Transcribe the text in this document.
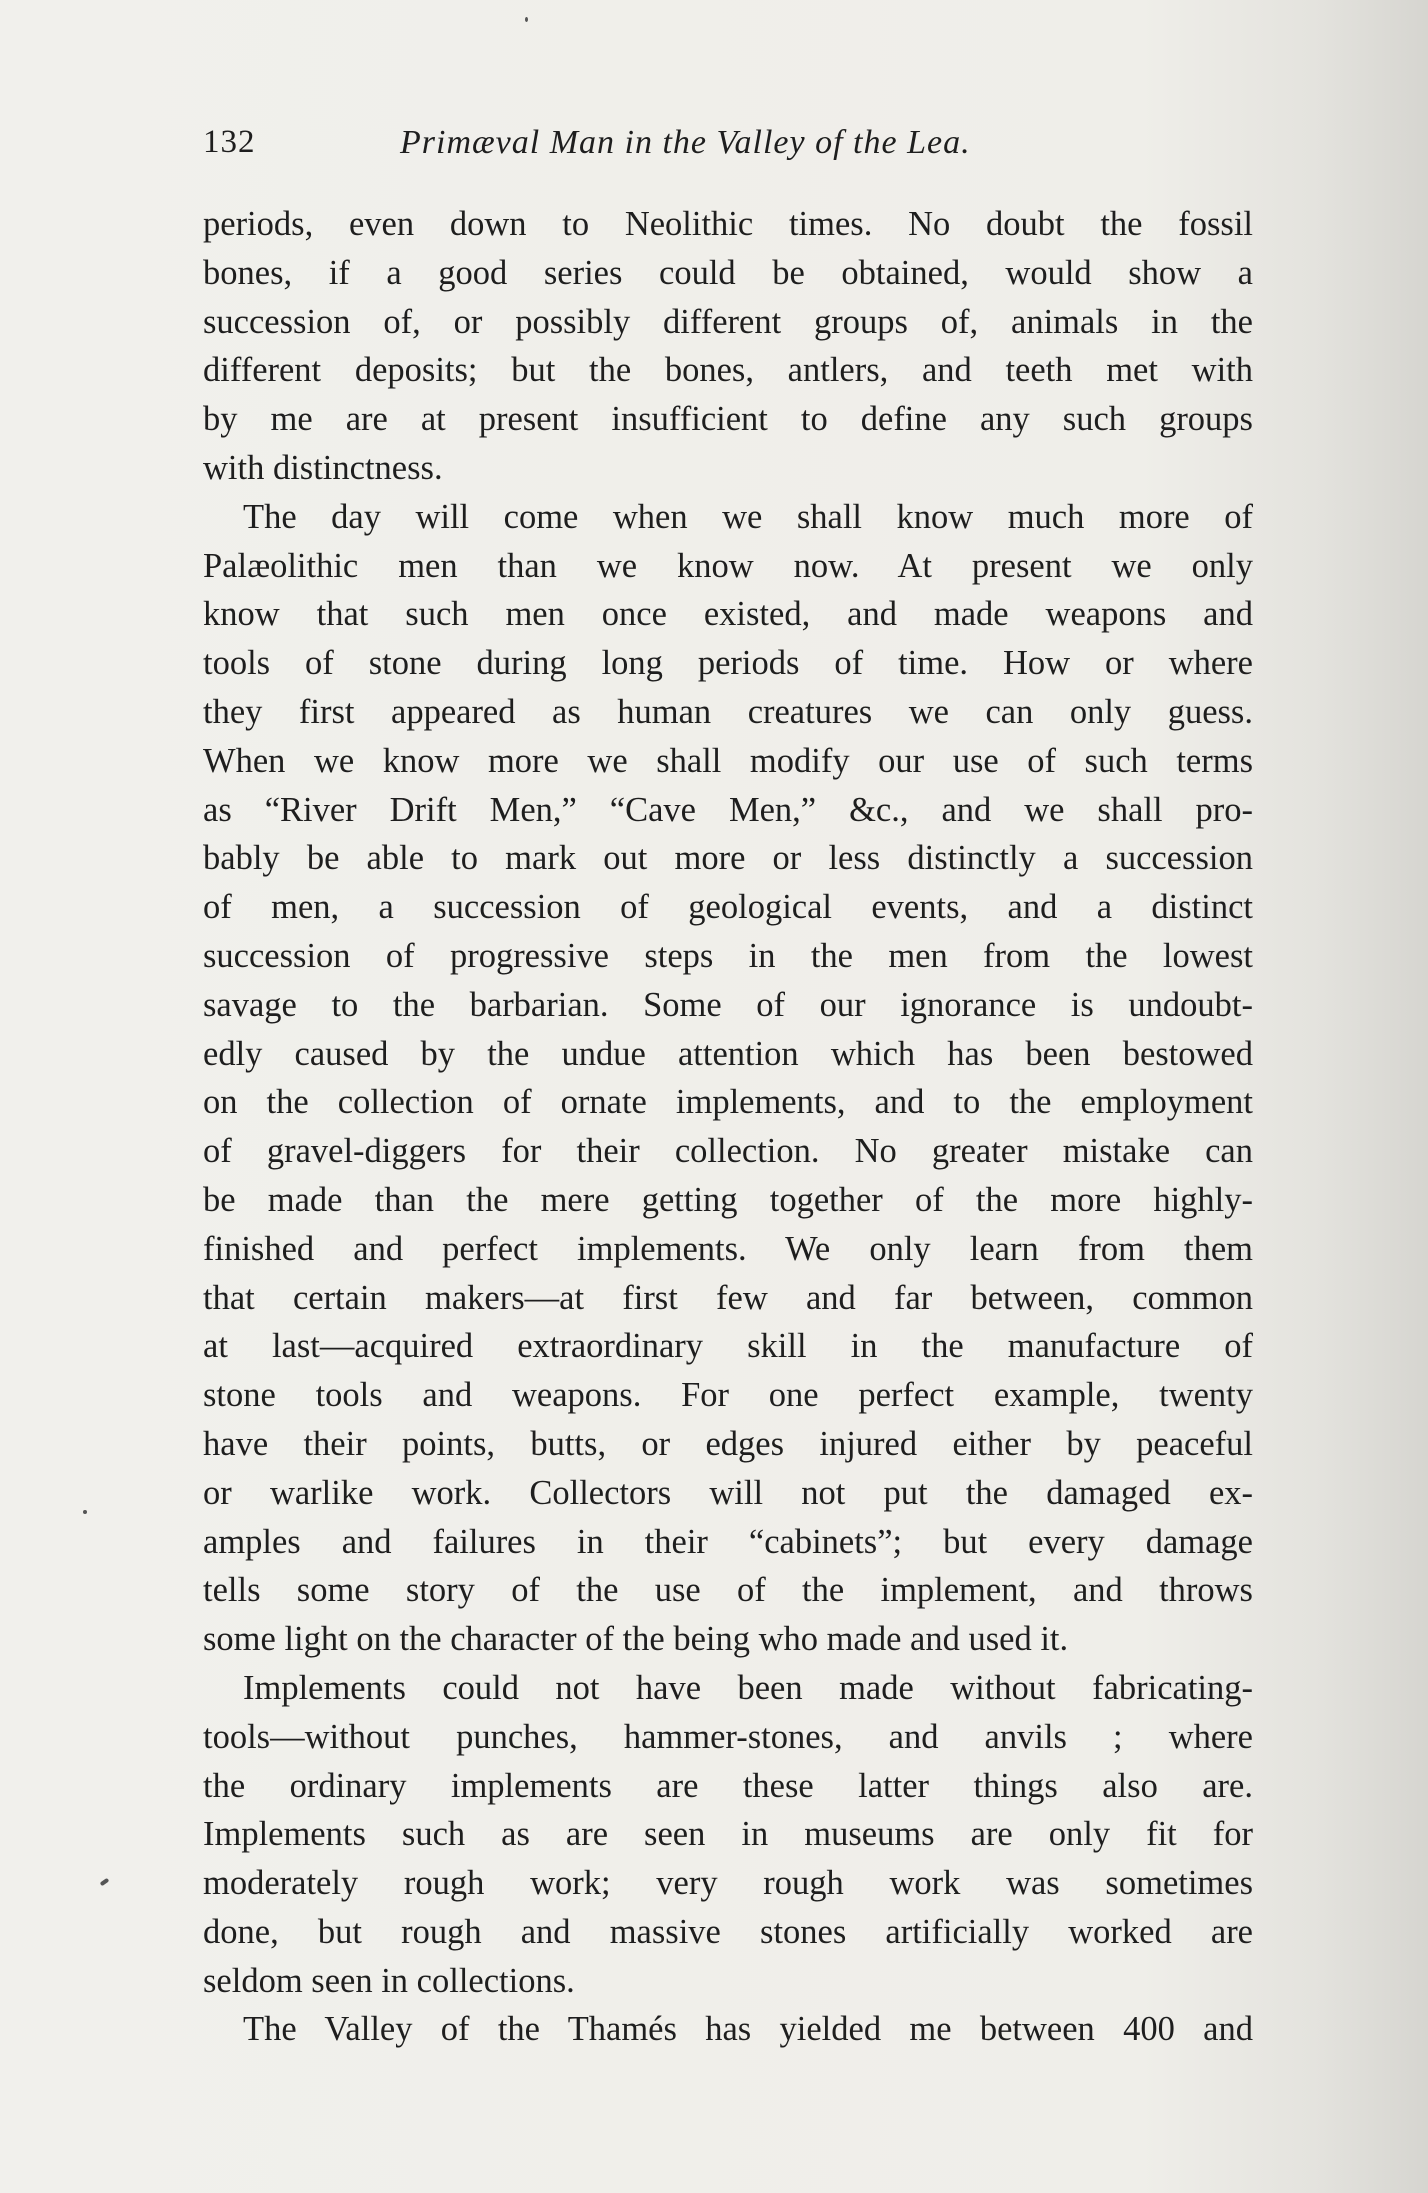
132	Primæval Man in the Valley of the Lea.
periods, even down to Neolithic times. No doubt the fossil
bones, if a good series could be obtained, would show a
succession of, or possibly different groups of, animals in the
different deposits; but the bones, antlers, and teeth met with
by me are at present insufficient to define any such groups
with distinctness.
The day will come when we shall know much more of
Palæolithic men than we know now. At present we only
know that such men once existed, and made weapons and
tools of stone during long periods of time. How or where
they first appeared as human creatures we can only guess.
When we know more we shall modify our use of such terms
as “River Drift Men,” “Cave Men,” &c., and we shall pro-
bably be able to mark out more or less distinctly a succession
of men, a succession of geological events, and a distinct
succession of progressive steps in the men from the lowest
savage to the barbarian. Some of our ignorance is undoubt-
edly caused by the undue attention which has been bestowed
on the collection of ornate implements, and to the employment
of gravel-diggers for their collection. No greater mistake can
be made than the mere getting together of the more highly-
finished and perfect implements. We only learn from them
that certain makers—at first few and far between, common
at last—acquired extraordinary skill in the manufacture of
stone tools and weapons. For one perfect example, twenty
have their points, butts, or edges injured either by peaceful
or warlike work. Collectors will not put the damaged ex-
amples and failures in their “cabinets”; but every damage
tells some story of the use of the implement, and throws
some light on the character of the being who made and used it.
Implements could not have been made without fabricating-
tools—without punches, hammer-stones, and anvils ; where
the ordinary implements are these latter things also are.
Implements such as are seen in museums are only fit for
moderately rough work; very rough work was sometimes
done, but rough and massive stones artificially worked are
seldom seen in collections.
The Valley of the Thamés has yielded me between 400 and
